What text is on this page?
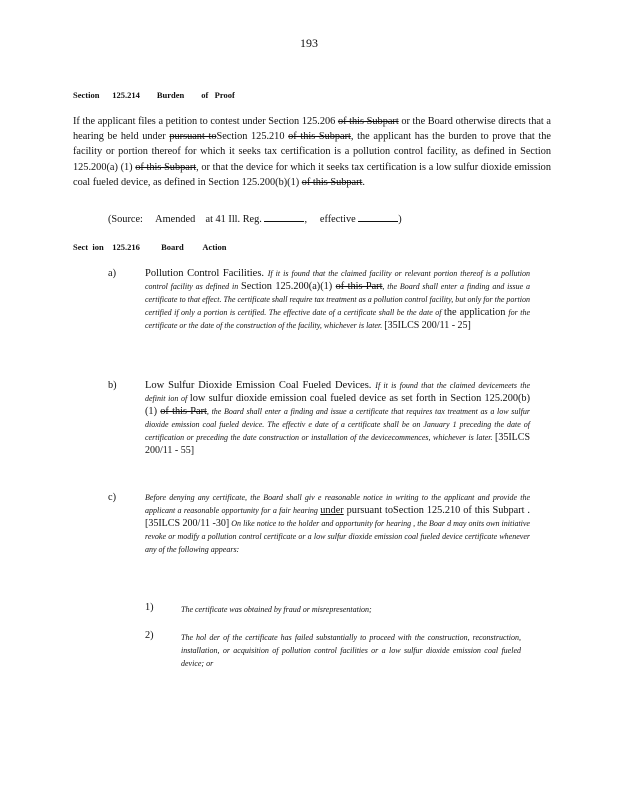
193
Section      125.214        Burden        of   Proof
If the applicant files a petition to contest under Section 125.206 of this Subpart or the Board otherwise directs that a hearing be held under pursuant toSection 125.210 of this Subpart, the applicant has the burden to prove that the facility or portion thereof for which it seeks tax certification is a pollution control facility, as defined in Section 125.200(a) (1) of this Subpart, or that the device for which it seeks tax certification is a low sulfur dioxide emission coal fueled device, as defined in Section 125.200(b)(1) of this Subpart.
(Source:     Amended    at 41 Ill. Reg.	,     effective	)
Sect  ion    125.216          Board         Action
a)	Pollution Control Facilities. If it is found that the claimed facility or relevant portion thereof is a pollution control facility as defined in Section 125.200(a)(1) of this Part, the Board shall enter a finding and issue a certificate to that effect. The certificate shall require tax treatment as a pollution control facility, but only for the portion certified if only a portion is certified. The effective date of a certificate shall be the date of the application for the certificate or the date of the construction of the facility, whichever is later. [35ILCS 200/11 - 25]
b)	Low Sulfur Dioxide Emission Coal Fueled Devices. If it is found that the claimed devicemeets the definit ion of low sulfur dioxide emission coal fueled device as set forth in Section 125.200(b)(1) of this Part, the Board shall enter a finding and issue a certificate that requires tax treatment as a low sulfur dioxide emission coal fueled device. The effectiv e date of a certificate shall be on January 1 preceding the date of certification or preceding the date construction or installation of the devicecommences, whichever is later. [35ILCS 200/11 - 55]
c)	Before denying any certificate, the Board shall giv e reasonable notice in writing to the applicant and provide the applicant a reasonable opportunity for a fair hearing under pursuant toSection 125.210 of this Subpart . [35ILCS 200/11 -30] On like notice to the holder and opportunity for hearing , the Boar d may onits own initiative revoke or modify a pollution control certificate or a low sulfur dioxide emission coal fueled device certificate whenever any of the following appears:
1)	The certificate was obtained by fraud or misrepresentation;
2)	The hol der of the certificate has failed substantially to proceed with the construction, reconstruction, installation, or acquisition of pollution control facilities or a low sulfur dioxide emission coal fueled device; or
